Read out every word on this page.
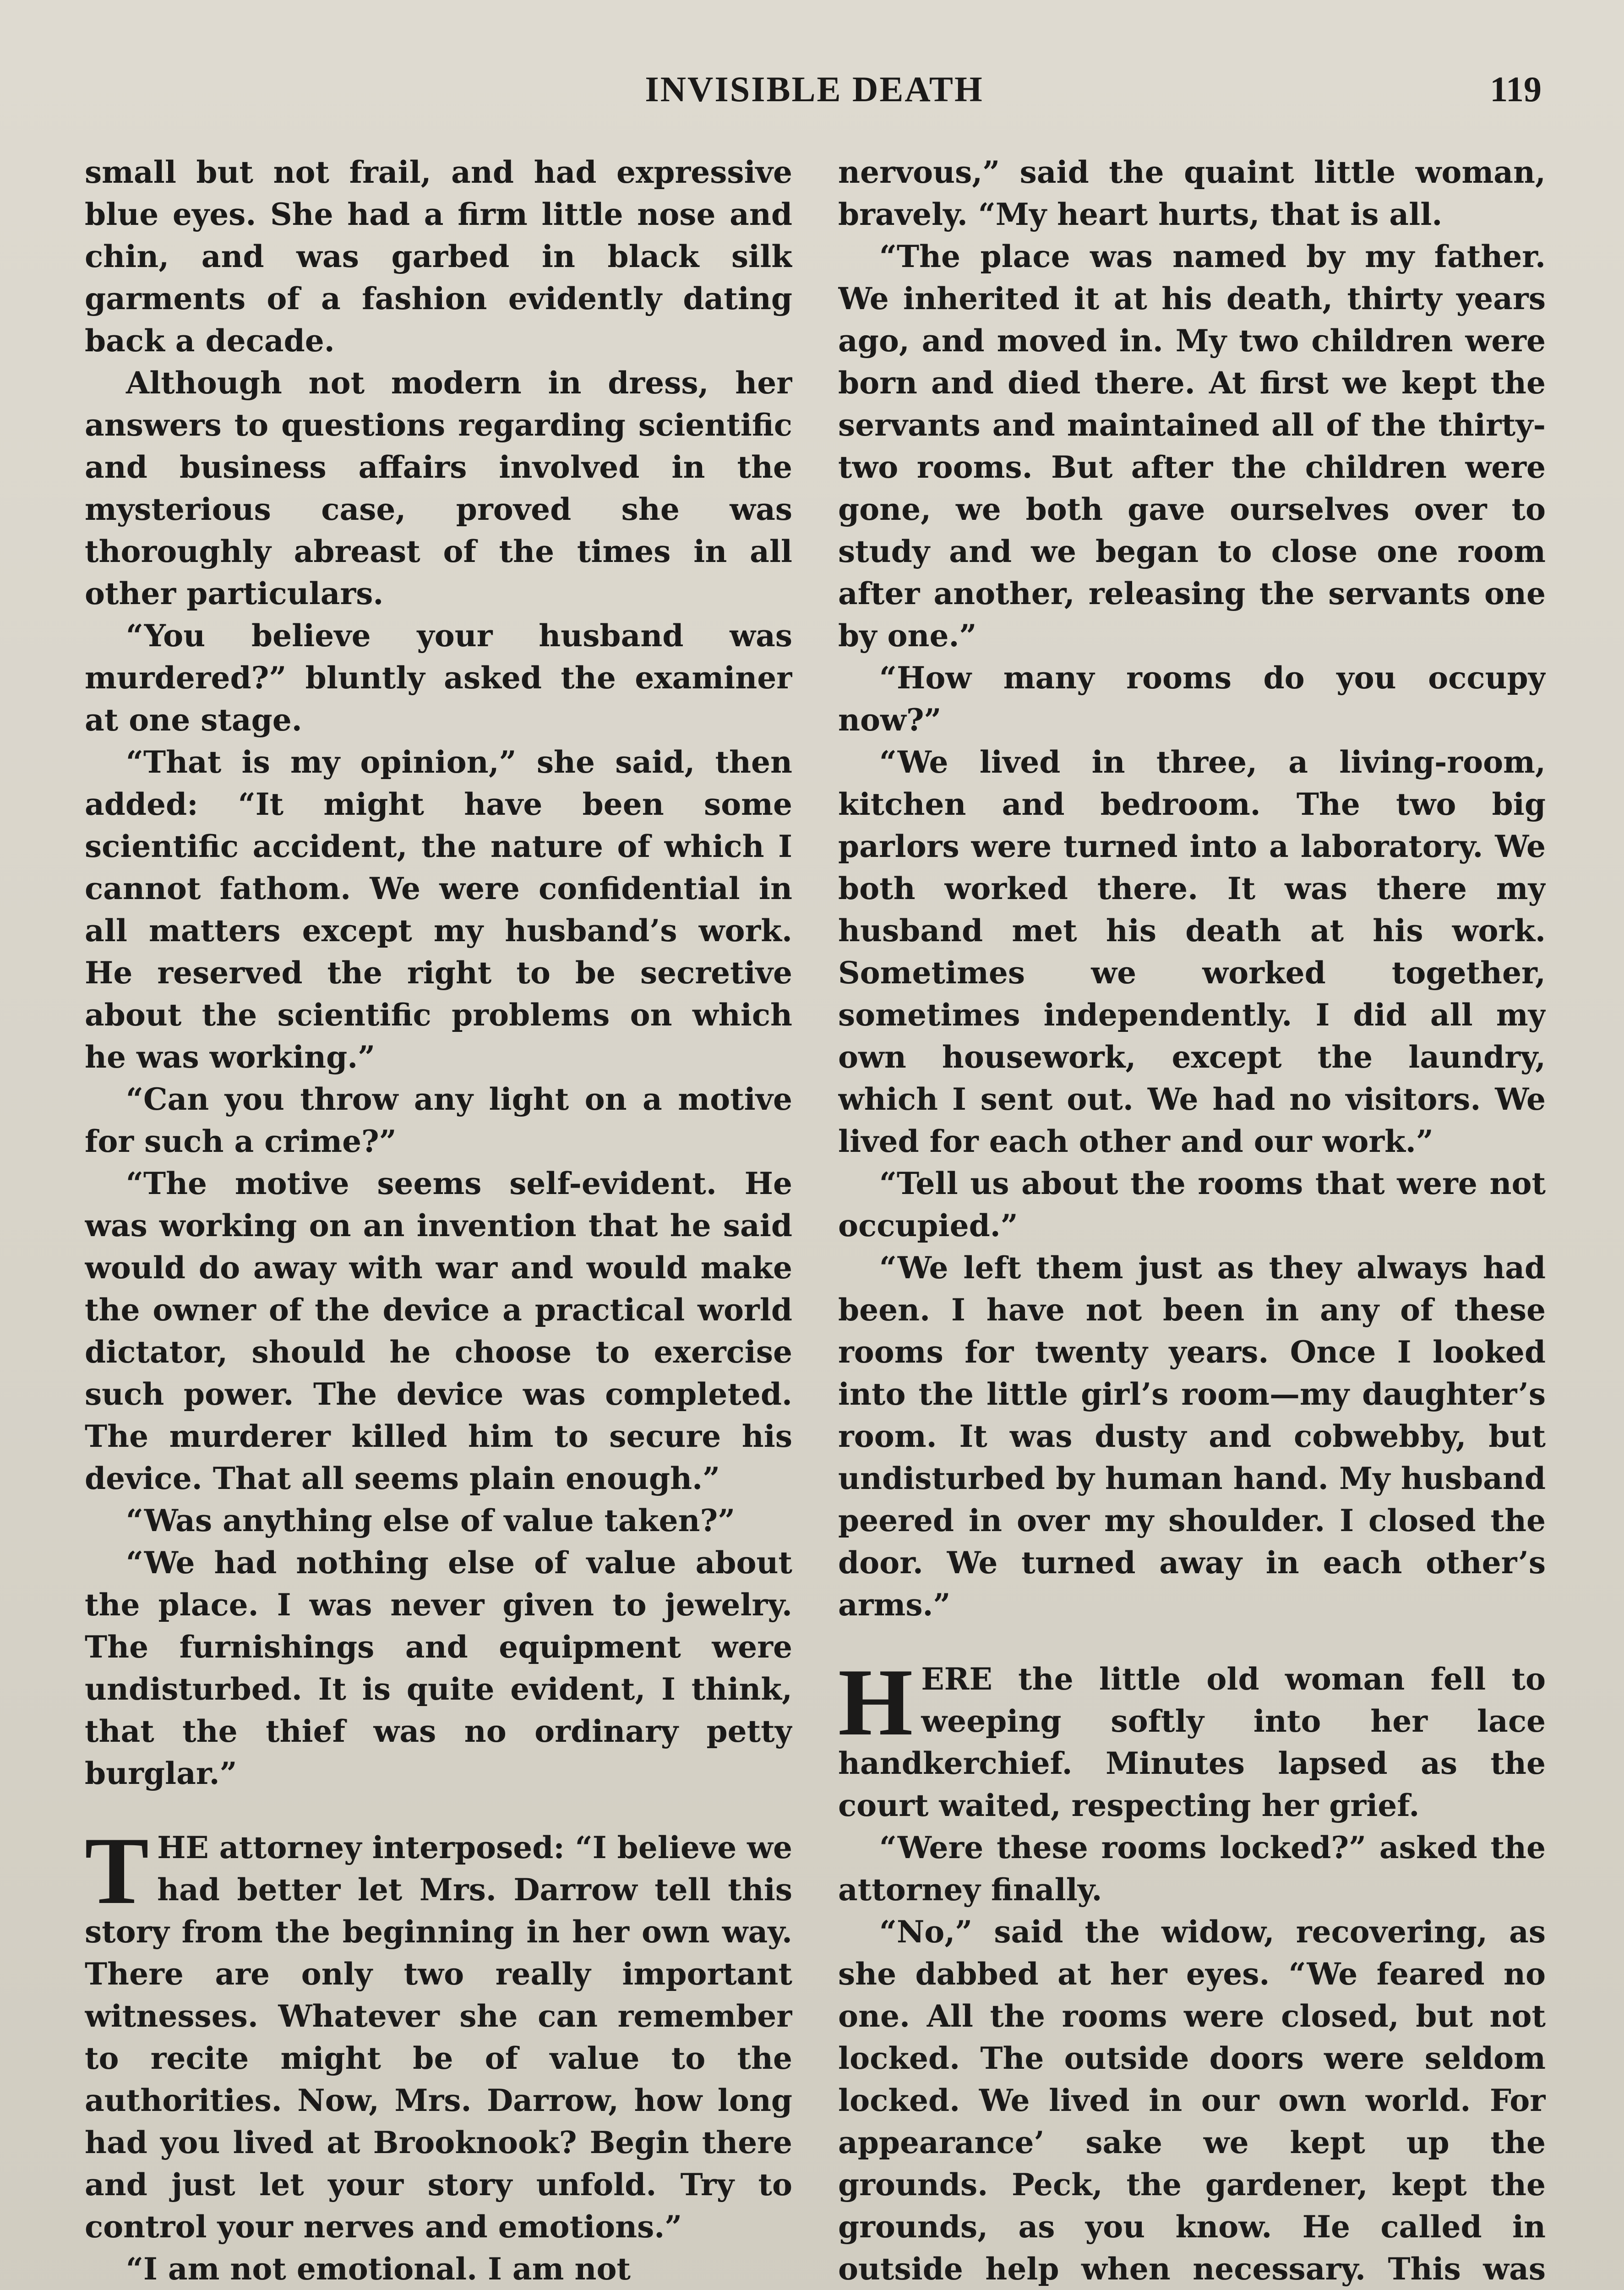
INVISIBLE DEATH	119

small but not frail, and had expressive blue eyes. She had a firm little nose and chin, and was garbed in black silk garments of a fashion evidently dating back a decade.

Although not modern in dress, her answers to questions regarding scientific and business affairs involved in the mysterious case, proved she was thoroughly abreast of the times in all other particulars.

“You believe your husband was murdered?” bluntly asked the examiner at one stage.

“That is my opinion,” she said, then added: “It might have been some scientific accident, the nature of which I cannot fathom. We were confidential in all matters except my husband’s work. He reserved the right to be secretive about the scientific problems on which he was working.”

“Can you throw any light on a motive for such a crime?”

“The motive seems self-evident. He was working on an invention that he said would do away with war and would make the owner of the device a practical world dictator, should he choose to exercise such power. The device was completed. The murderer killed him to secure his device. That all seems plain enough.”

“Was anything else of value taken?”

“We had nothing else of value about the place. I was never given to jewelry. The furnishings and equipment were undisturbed. It is quite evident, I think, that the thief was no ordinary petty burglar.”

THE attorney interposed: “I believe we had better let Mrs. Darrow tell this story from the beginning in her own way. There are only two really important witnesses. Whatever she can remember to recite might be of value to the authorities. Now, Mrs. Darrow, how long had you lived at Brooknook? Begin there and just let your story unfold. Try to control your nerves and emotions.”

“I am not emotional. I am not

nervous,” said the quaint little woman, bravely. “My heart hurts, that is all.

“The place was named by my father. We inherited it at his death, thirty years ago, and moved in. My two children were born and died there. At first we kept the servants and maintained all of the thirty-two rooms. But after the children were gone, we both gave ourselves over to study and we began to close one room after another, releasing the servants one by one.”

“How many rooms do you occupy now?”

“We lived in three, a living-room, kitchen and bedroom. The two big parlors were turned into a laboratory. We both worked there. It was there my husband met his death at his work. Sometimes we worked together, sometimes independently. I did all my own housework, except the laundry, which I sent out. We had no visitors. We lived for each other and our work.”

“Tell us about the rooms that were not occupied.”

“We left them just as they always had been. I have not been in any of these rooms for twenty years. Once I looked into the little girl’s room—my daughter’s room. It was dusty and cobwebby, but undisturbed by human hand. My husband peered in over my shoulder. I closed the door. We turned away in each other’s arms.”

HERE the little old woman fell to weeping softly into her lace handkerchief. Minutes lapsed as the court waited, respecting her grief.

“Were these rooms locked?” asked the attorney finally.

“No,” said the widow, recovering, as she dabbed at her eyes. “We feared no one. All the rooms were closed, but not locked. The outside doors were seldom locked. We lived in our own world. For appearance’ sake we kept up the grounds. Peck, the gardener, kept the grounds, as you know. He called in outside help when necessary. This was
